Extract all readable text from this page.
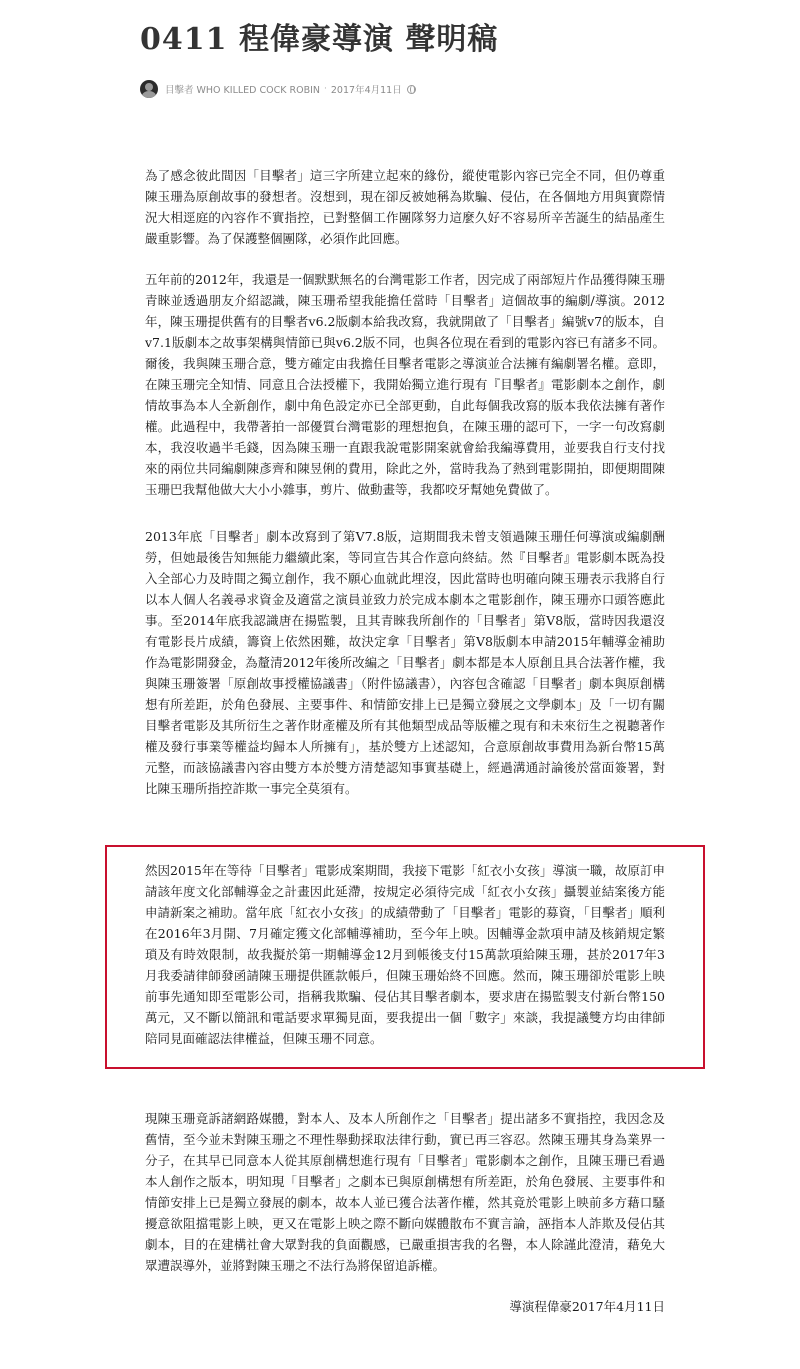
0411 程偉豪導演 聲明稿
目擊者 WHO KILLED COCK ROBIN · 2017年4月11日

為了感念彼此間因「目擊者」這三字所建立起來的緣份，縱使電影內容已完全不同，但仍尊重陳玉珊為原創故事的發想者。沒想到，現在卻反被她稱為欺騙、侵佔，在各個地方用與實際情況大相逕庭的內容作不實指控，已對整個工作團隊努力這麼久好不容易所辛苦誕生的結晶產生嚴重影響。為了保護整個團隊，必須作此回應。

五年前的2012年，我還是一個默默無名的台灣電影工作者，因完成了兩部短片作品獲得陳玉珊青睞並透過朋友介紹認識，陳玉珊希望我能擔任當時「目擊者」這個故事的編劇/導演。2012年，陳玉珊提供舊有的目擊者v6.2版劇本給我改寫，我就開啟了「目擊者」編號v7的版本，自v7.1版劇本之故事架構與情節已與v6.2版不同，也與各位現在看到的電影內容已有諸多不同。爾後，我與陳玉珊合意，雙方確定由我擔任目擊者電影之導演並合法擁有編劇署名權。意即，在陳玉珊完全知情、同意且合法授權下，我開始獨立進行現有『目擊者』電影劇本之創作，劇情故事為本人全新創作，劇中角色設定亦已全部更動，自此每個我改寫的版本我依法擁有著作權。此過程中，我帶著拍一部優質台灣電影的理想抱負，在陳玉珊的認可下，一字一句改寫劇本，我沒收過半毛錢，因為陳玉珊一直跟我說電影開案就會給我編導費用，並要我自行支付找來的兩位共同編劇陳彥齊和陳昱俐的費用，除此之外，當時我為了熱到電影開拍，即便期間陳玉珊巴我幫他做大大小小雜事，剪片、做動畫等，我都咬牙幫她免費做了。

2013年底「目擊者」劇本改寫到了第V7.8版，這期間我未曾支領過陳玉珊任何導演或編劇酬勞，但她最後告知無能力繼續此案，等同宣告其合作意向終結。然『目擊者』電影劇本既為投入全部心力及時間之獨立創作，我不願心血就此埋沒，因此當時也明確向陳玉珊表示我將自行以本人個人名義尋求資金及適當之演員並致力於完成本劇本之電影創作，陳玉珊亦口頭答應此事。至2014年底我認識唐在揚監製，且其青睞我所創作的「目擊者」第V8版，當時因我還沒有電影長片成績，籌資上依然困難，故決定拿「目擊者」第V8版劇本申請2015年輔導金補助作為電影開發金，為釐清2012年後所改編之「目擊者」劇本都是本人原創且具合法著作權，我與陳玉珊簽署「原創故事授權協議書」（附件協議書），內容包含確認「目擊者」劇本與原創構想有所差距，於角色發展、主要事件、和情節安排上已是獨立發展之文學劇本」及「一切有關目擊者電影及其所衍生之著作財產權及所有其他類型成品等版權之現有和未來衍生之視聽著作權及發行事業等權益均歸本人所擁有」，基於雙方上述認知，合意原創故事費用為新台幣15萬元整，而該協議書內容由雙方本於雙方清楚認知事實基礎上，經過溝通討論後於當面簽署，對比陳玉珊所指控詐欺一事完全莫須有。

然因2015年在等待「目擊者」電影成案期間，我接下電影「紅衣小女孩」導演一職，故原訂申請該年度文化部輔導金之計畫因此延滯，按規定必須待完成「紅衣小女孩」攝製並結案後方能申請新案之補助。當年底「紅衣小女孩」的成績帶動了「目擊者」電影的募資，「目擊者」順利在2016年3月開、7月確定獲文化部輔導補助，至今年上映。因輔導金款項申請及核銷規定繁瑣及有時效限制，故我擬於第一期輔導金12月到帳後支付15萬款項給陳玉珊，甚於2017年3月我委請律師發函請陳玉珊提供匯款帳戶，但陳玉珊始終不回應。然而，陳玉珊卻於電影上映前事先通知即至電影公司，指稱我欺騙、侵佔其目擊者劇本，要求唐在揚監製支付新台幣150萬元，又不斷以簡訊和電話要求單獨見面，要我提出一個「數字」來談，我提議雙方均由律師陪同見面確認法律權益，但陳玉珊不同意。

現陳玉珊竟訴諸網路媒體，對本人、及本人所創作之「目擊者」提出諸多不實指控，我因念及舊情，至今並未對陳玉珊之不理性舉動採取法律行動，實已再三容忍。然陳玉珊其身為業界一分子，在其早已同意本人從其原創構想進行現有「目擊者」電影劇本之創作，且陳玉珊已看過本人創作之版本，明知現「目擊者」之劇本已與原創構想有所差距，於角色發展、主要事件和情節安排上已是獨立發展的劇本，故本人並已獲合法著作權，然其竟於電影上映前多方藉口騷擾意欲阻擋電影上映，更又在電影上映之際不斷向媒體散布不實言論，誣指本人詐欺及侵佔其劇本，目的在建構社會大眾對我的負面觀感，已嚴重損害我的名譽，本人除謹此澄清，藉免大眾遭誤導外，並將對陳玉珊之不法行為將保留追訴權。

導演程偉豪2017年4月11日
